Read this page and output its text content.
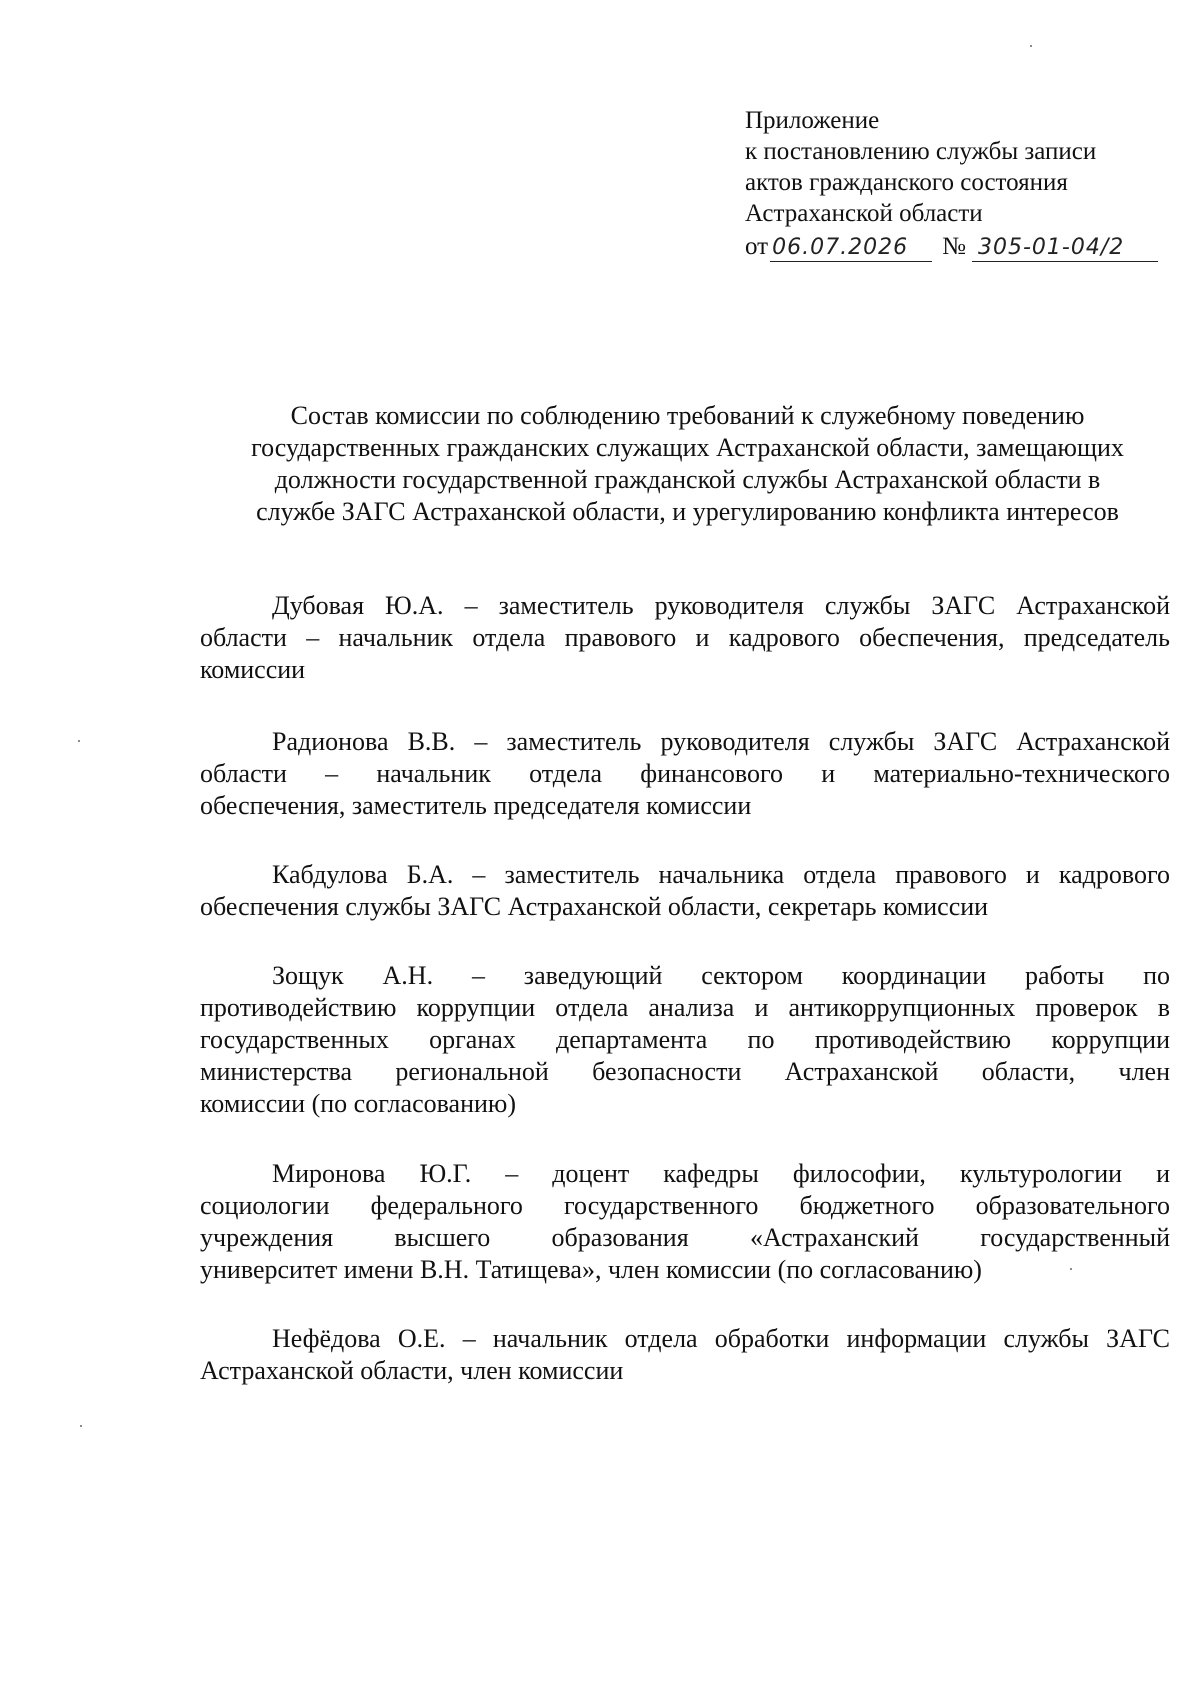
Приложение
к постановлению службы записи
актов гражданского состояния
Астраханской области
от 06.07.2026	№ 305-01-04/2
Состав комиссии по соблюдению требований к служебному поведению
государственных гражданских служащих Астраханской области, замещающих
должности государственной гражданской службы Астраханской области в
службе ЗАГС Астраханской области, и урегулированию конфликта интересов
Дубовая Ю.А. – заместитель руководителя службы ЗАГС Астраханской
области – начальник отдела правового и кадрового обеспечения, председатель
комиссии
Радионова В.В. – заместитель руководителя службы ЗАГС Астраханской
области – начальник отдела финансового и материально-технического
обеспечения, заместитель председателя комиссии
Кабдулова Б.А. – заместитель начальника отдела правового и кадрового
обеспечения службы ЗАГС Астраханской области, секретарь комиссии
Зощук А.Н. – заведующий сектором координации работы по
противодействию коррупции отдела анализа и антикоррупционных проверок в
государственных органах департамента по противодействию коррупции
министерства региональной безопасности Астраханской области, член
комиссии (по согласованию)
Миронова Ю.Г. – доцент кафедры философии, культурологии и
социологии федерального государственного бюджетного образовательного
учреждения высшего образования «Астраханский государственный
университет имени В.Н. Татищева», член комиссии (по согласованию)
Нефёдова О.Е. – начальник отдела обработки информации службы ЗАГС
Астраханской области, член комиссии
